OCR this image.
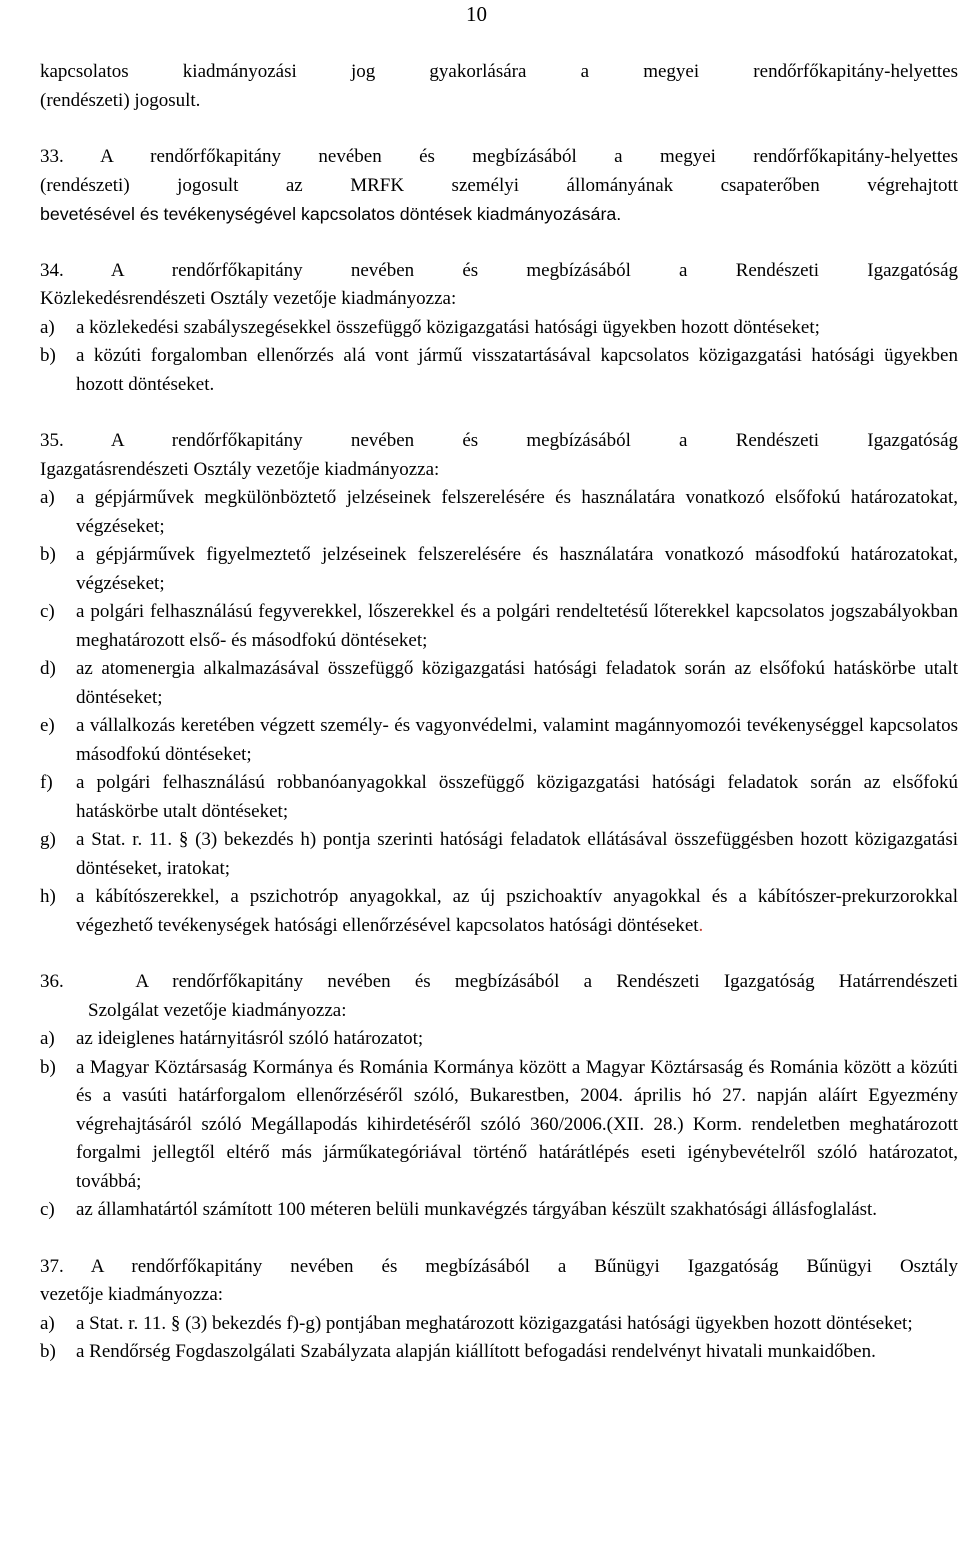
10
kapcsolatos kiadmányozási jog gyakorlására a megyei rendőrfőkapitány-helyettes
(rendészeti) jogosult.
33. A rendőrfőkapitány nevében és megbízásából a megyei rendőrfőkapitány-helyettes
(rendészeti) jogosult az MRFK személyi állományának csapaterőben végrehajtott
bevetésével és tevékenységével kapcsolatos döntések kiadmányozására.
34. A rendőrfőkapitány nevében és megbízásából a Rendészeti Igazgatóság
Közlekedésrendészeti Osztály vezetője kiadmányozza:
a)	a közlekedési szabályszegésekkel összefüggő közigazgatási hatósági ügyekben hozott döntéseket;
b)	a közúti forgalomban ellenőrzés alá vont jármű visszatartásával kapcsolatos közigazgatási hatósági ügyekben hozott döntéseket.
35. A rendőrfőkapitány nevében és megbízásából a Rendészeti Igazgatóság
Igazgatásrendészeti Osztály vezetője kiadmányozza:
a)	a gépjárművek megkülönböztető jelzéseinek felszerelésére és használatára vonatkozó elsőfokú határozatokat, végzéseket;
b)	a gépjárművek figyelmeztető jelzéseinek felszerelésére és használatára vonatkozó másodfokú határozatokat, végzéseket;
c)	a polgári felhasználású fegyverekkel, lőszerekkel és a polgári rendeltetésű lőterekkel kapcsolatos jogszabályokban meghatározott első- és másodfokú döntéseket;
d)	az atomenergia alkalmazásával összefüggő közigazgatási hatósági feladatok során az elsőfokú hatáskörbe utalt döntéseket;
e)	a vállalkozás keretében végzett személy- és vagyonvédelmi, valamint magánnyomozói tevékenységgel kapcsolatos másodfokú döntéseket;
f)	a polgári felhasználású robbanóanyagokkal összefüggő közigazgatási hatósági feladatok során az elsőfokú hatáskörbe utalt döntéseket;
g)	a Stat. r. 11. § (3) bekezdés h) pontja szerinti hatósági feladatok ellátásával összefüggésben hozott közigazgatási döntéseket, iratokat;
h)	a kábítószerekkel, a pszichotróp anyagokkal, az új pszichoaktív anyagokkal és a kábítószer-prekurzorokkal végezhető tevékenységek hatósági ellenőrzésével kapcsolatos hatósági döntéseket.
36.   A rendőrfőkapitány nevében és megbízásából a Rendészeti Igazgatóság Határrendészeti
Szolgálat vezetője kiadmányozza:
a)	az ideiglenes határnyitásról szóló határozatot;
b)	a Magyar Köztársaság Kormánya és Románia Kormánya között a Magyar Köztársaság és Románia között a közúti és a vasúti határforgalom ellenőrzéséről szóló, Bukarestben, 2004. április hó 27. napján aláírt Egyezmény végrehajtásáról szóló Megállapodás kihirdetéséről szóló 360/2006.(XII. 28.) Korm. rendeletben meghatározott forgalmi jellegtől eltérő más járműkategóriával történő határátlépés eseti igénybevételről szóló határozatot, továbbá;
c)	az államhatártól számított 100 méteren belüli munkavégzés tárgyában készült szakhatósági állásfoglalást.
37. A rendőrfőkapitány nevében és megbízásából a Bűnügyi Igazgatóság Bűnügyi Osztály
vezetője kiadmányozza:
a)	a Stat. r. 11. § (3) bekezdés f)-g) pontjában meghatározott közigazgatási hatósági ügyekben hozott döntéseket;
b)	a Rendőrség Fogdaszolgálati Szabályzata alapján kiállított befogadási rendelvényt hivatali munkaidőben.
